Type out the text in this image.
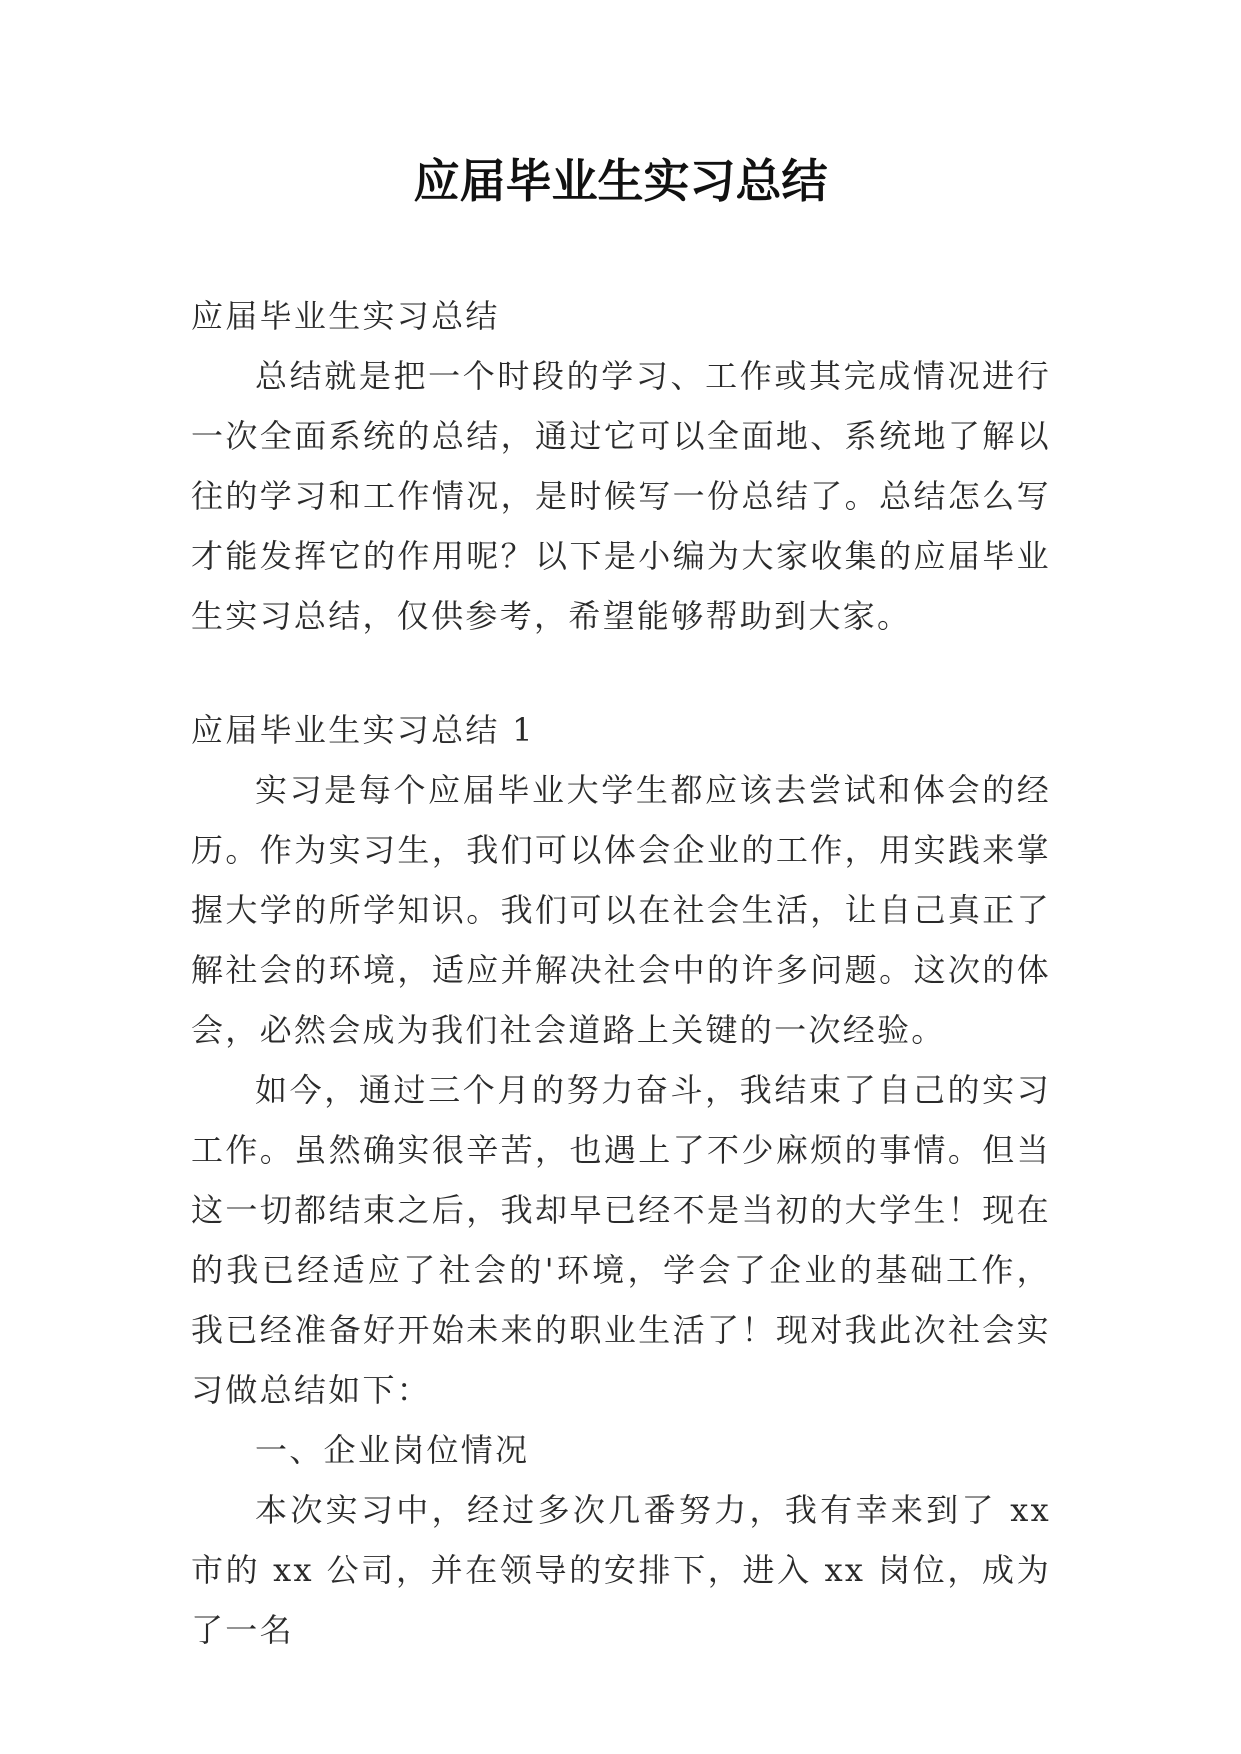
应届毕业生实习总结

应届毕业生实习总结

总结就是把一个时段的学习、工作或其完成情况进行一次全面系统的总结，通过它可以全面地、系统地了解以往的学习和工作情况，是时候写一份总结了。总结怎么写才能发挥它的作用呢？以下是小编为大家收集的应届毕业生实习总结，仅供参考，希望能够帮助到大家。

应届毕业生实习总结 1

实习是每个应届毕业大学生都应该去尝试和体会的经历。作为实习生，我们可以体会企业的工作，用实践来掌握大学的所学知识。我们可以在社会生活，让自己真正了解社会的环境，适应并解决社会中的许多问题。这次的体会，必然会成为我们社会道路上关键的一次经验。

如今，通过三个月的努力奋斗，我结束了自己的实习工作。虽然确实很辛苦，也遇上了不少麻烦的事情。但当这一切都结束之后，我却早已经不是当初的大学生！现在的我已经适应了社会的'环境，学会了企业的基础工作，我已经准备好开始未来的职业生活了！现对我此次社会实习做总结如下：

一、企业岗位情况

本次实习中，经过多次几番努力，我有幸来到了 xx 市的 xx 公司，并在领导的安排下，进入 xx 岗位，成为了一名
